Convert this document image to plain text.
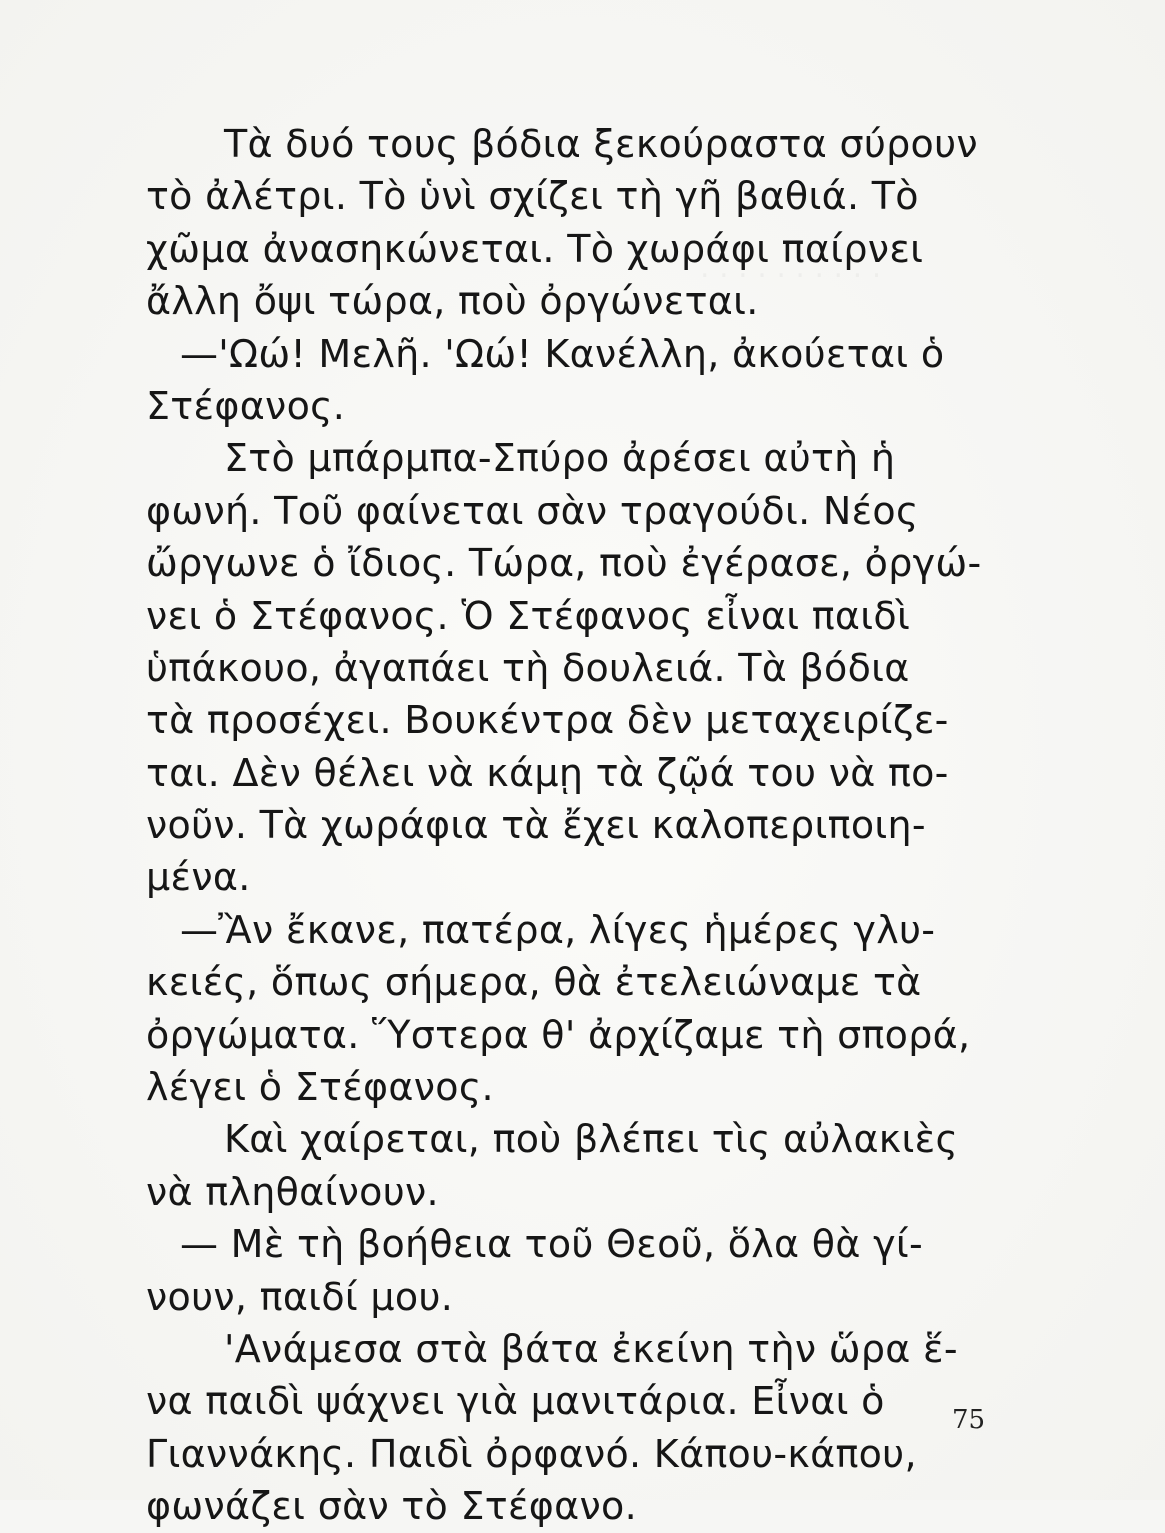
Τὰ δυό τους βόδια ξεκούραστα σύρουν
τὸ ἀλέτρι. Τὸ ὑνὶ σχίζει τὴ γῆ βαθιά. Τὸ
χῶμα ἀνασηκώνεται. Τὸ χωράφι παίρνει
ἄλλη ὄψι τώρα, ποὺ ὀργώνεται.
—'Ωώ! Μελῆ. 'Ωώ! Κανέλλη, ἀκούεται ὁ
Στέφανος.
Στὸ μπάρμπα-Σπύρο ἀρέσει αὐτὴ ἡ
φωνή. Τοῦ φαίνεται σὰν τραγούδι. Νέος
ὤργωνε ὁ ἴδιος. Τώρα, ποὺ ἐγέρασε, ὀργώ-
νει ὁ Στέφανος. Ὁ Στέφανος εἶναι παιδὶ
ὑπάκουο, ἀγαπάει τὴ δουλειά. Τὰ βόδια
τὰ προσέχει. Βουκέντρα δὲν μεταχειρίζε-
ται. Δὲν θέλει νὰ κάμῃ τὰ ζῷά του νὰ πο-
νοῦν. Τὰ χωράφια τὰ ἔχει καλοπεριποιη-
μένα.
—Ἂν ἔκανε, πατέρα, λίγες ἡμέρες γλυ-
κειές, ὅπως σήμερα, θὰ ἐτελειώναμε τὰ
ὀργώματα. Ὕστερα θ' ἀρχίζαμε τὴ σπορά,
λέγει ὁ Στέφανος.
Καὶ χαίρεται, ποὺ βλέπει τὶς αὐλακιὲς
νὰ πληθαίνουν.
— Μὲ τὴ βοήθεια τοῦ Θεοῦ, ὅλα θὰ γί-
νουν, παιδί μου.
'Ανάμεσα στὰ βάτα ἐκείνη τὴν ὥρα ἕ-
να παιδὶ ψάχνει γιὰ μανιτάρια. Εἶναι ὁ
Γιαννάκης. Παιδὶ ὀρφανό. Κάπου-κάπου,
φωνάζει σὰν τὸ Στέφανο.
75
